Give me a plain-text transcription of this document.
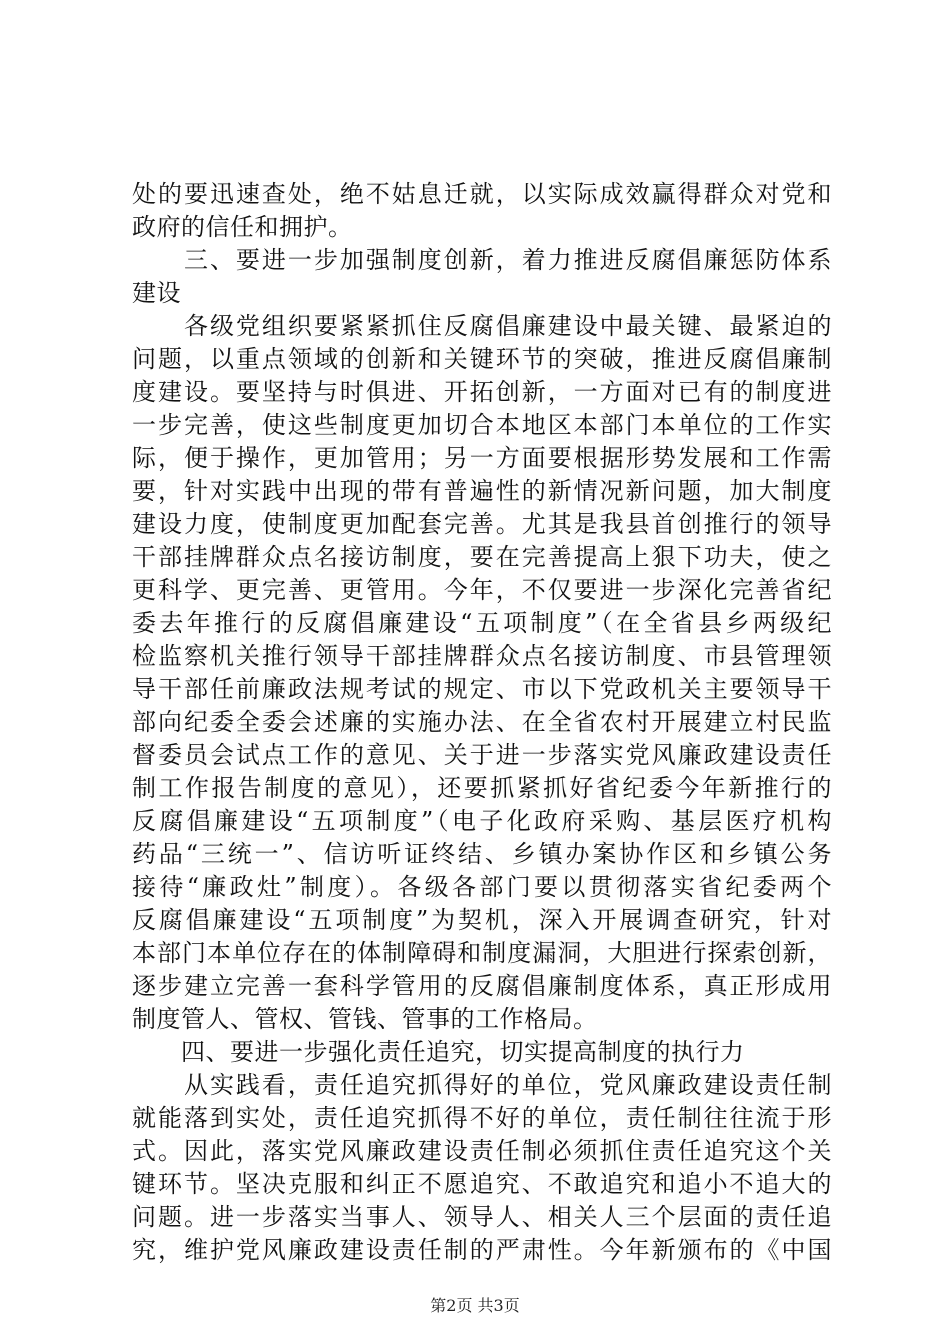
处的要迅速查处，绝不姑息迁就，以实际成效赢得群众对党和
政府的信任和拥护。
　　三、要进一步加强制度创新，着力推进反腐倡廉惩防体系
建设
　　各级党组织要紧紧抓住反腐倡廉建设中最关键、最紧迫的
问题，以重点领域的创新和关键环节的突破，推进反腐倡廉制
度建设。要坚持与时俱进、开拓创新，一方面对已有的制度进
一步完善，使这些制度更加切合本地区本部门本单位的工作实
际，便于操作，更加管用；另一方面要根据形势发展和工作需
要，针对实践中出现的带有普遍性的新情况新问题，加大制度
建设力度，使制度更加配套完善。尤其是我县首创推行的领导
干部挂牌群众点名接访制度，要在完善提高上狠下功夫，使之
更科学、更完善、更管用。今年，不仅要进一步深化完善省纪
委去年推行的反腐倡廉建设“五项制度”（在全省县乡两级纪
检监察机关推行领导干部挂牌群众点名接访制度、市县管理领
导干部任前廉政法规考试的规定、市以下党政机关主要领导干
部向纪委全委会述廉的实施办法、在全省农村开展建立村民监
督委员会试点工作的意见、关于进一步落实党风廉政建设责任
制工作报告制度的意见），还要抓紧抓好省纪委今年新推行的
反腐倡廉建设“五项制度”（电子化政府采购、基层医疗机构
药品“三统一”、信访听证终结、乡镇办案协作区和乡镇公务
接待“廉政灶”制度）。各级各部门要以贯彻落实省纪委两个
反腐倡廉建设“五项制度”为契机，深入开展调查研究，针对
本部门本单位存在的体制障碍和制度漏洞，大胆进行探索创新，
逐步建立完善一套科学管用的反腐倡廉制度体系，真正形成用
制度管人、管权、管钱、管事的工作格局。
　　四、要进一步强化责任追究，切实提高制度的执行力
　　从实践看，责任追究抓得好的单位，党风廉政建设责任制
就能落到实处，责任追究抓得不好的单位，责任制往往流于形
式。因此，落实党风廉政建设责任制必须抓住责任追究这个关
键环节。坚决克服和纠正不愿追究、不敢追究和追小不追大的
问题。进一步落实当事人、领导人、相关人三个层面的责任追
究，维护党风廉政建设责任制的严肃性。今年新颁布的《中国
第2页 共3页
